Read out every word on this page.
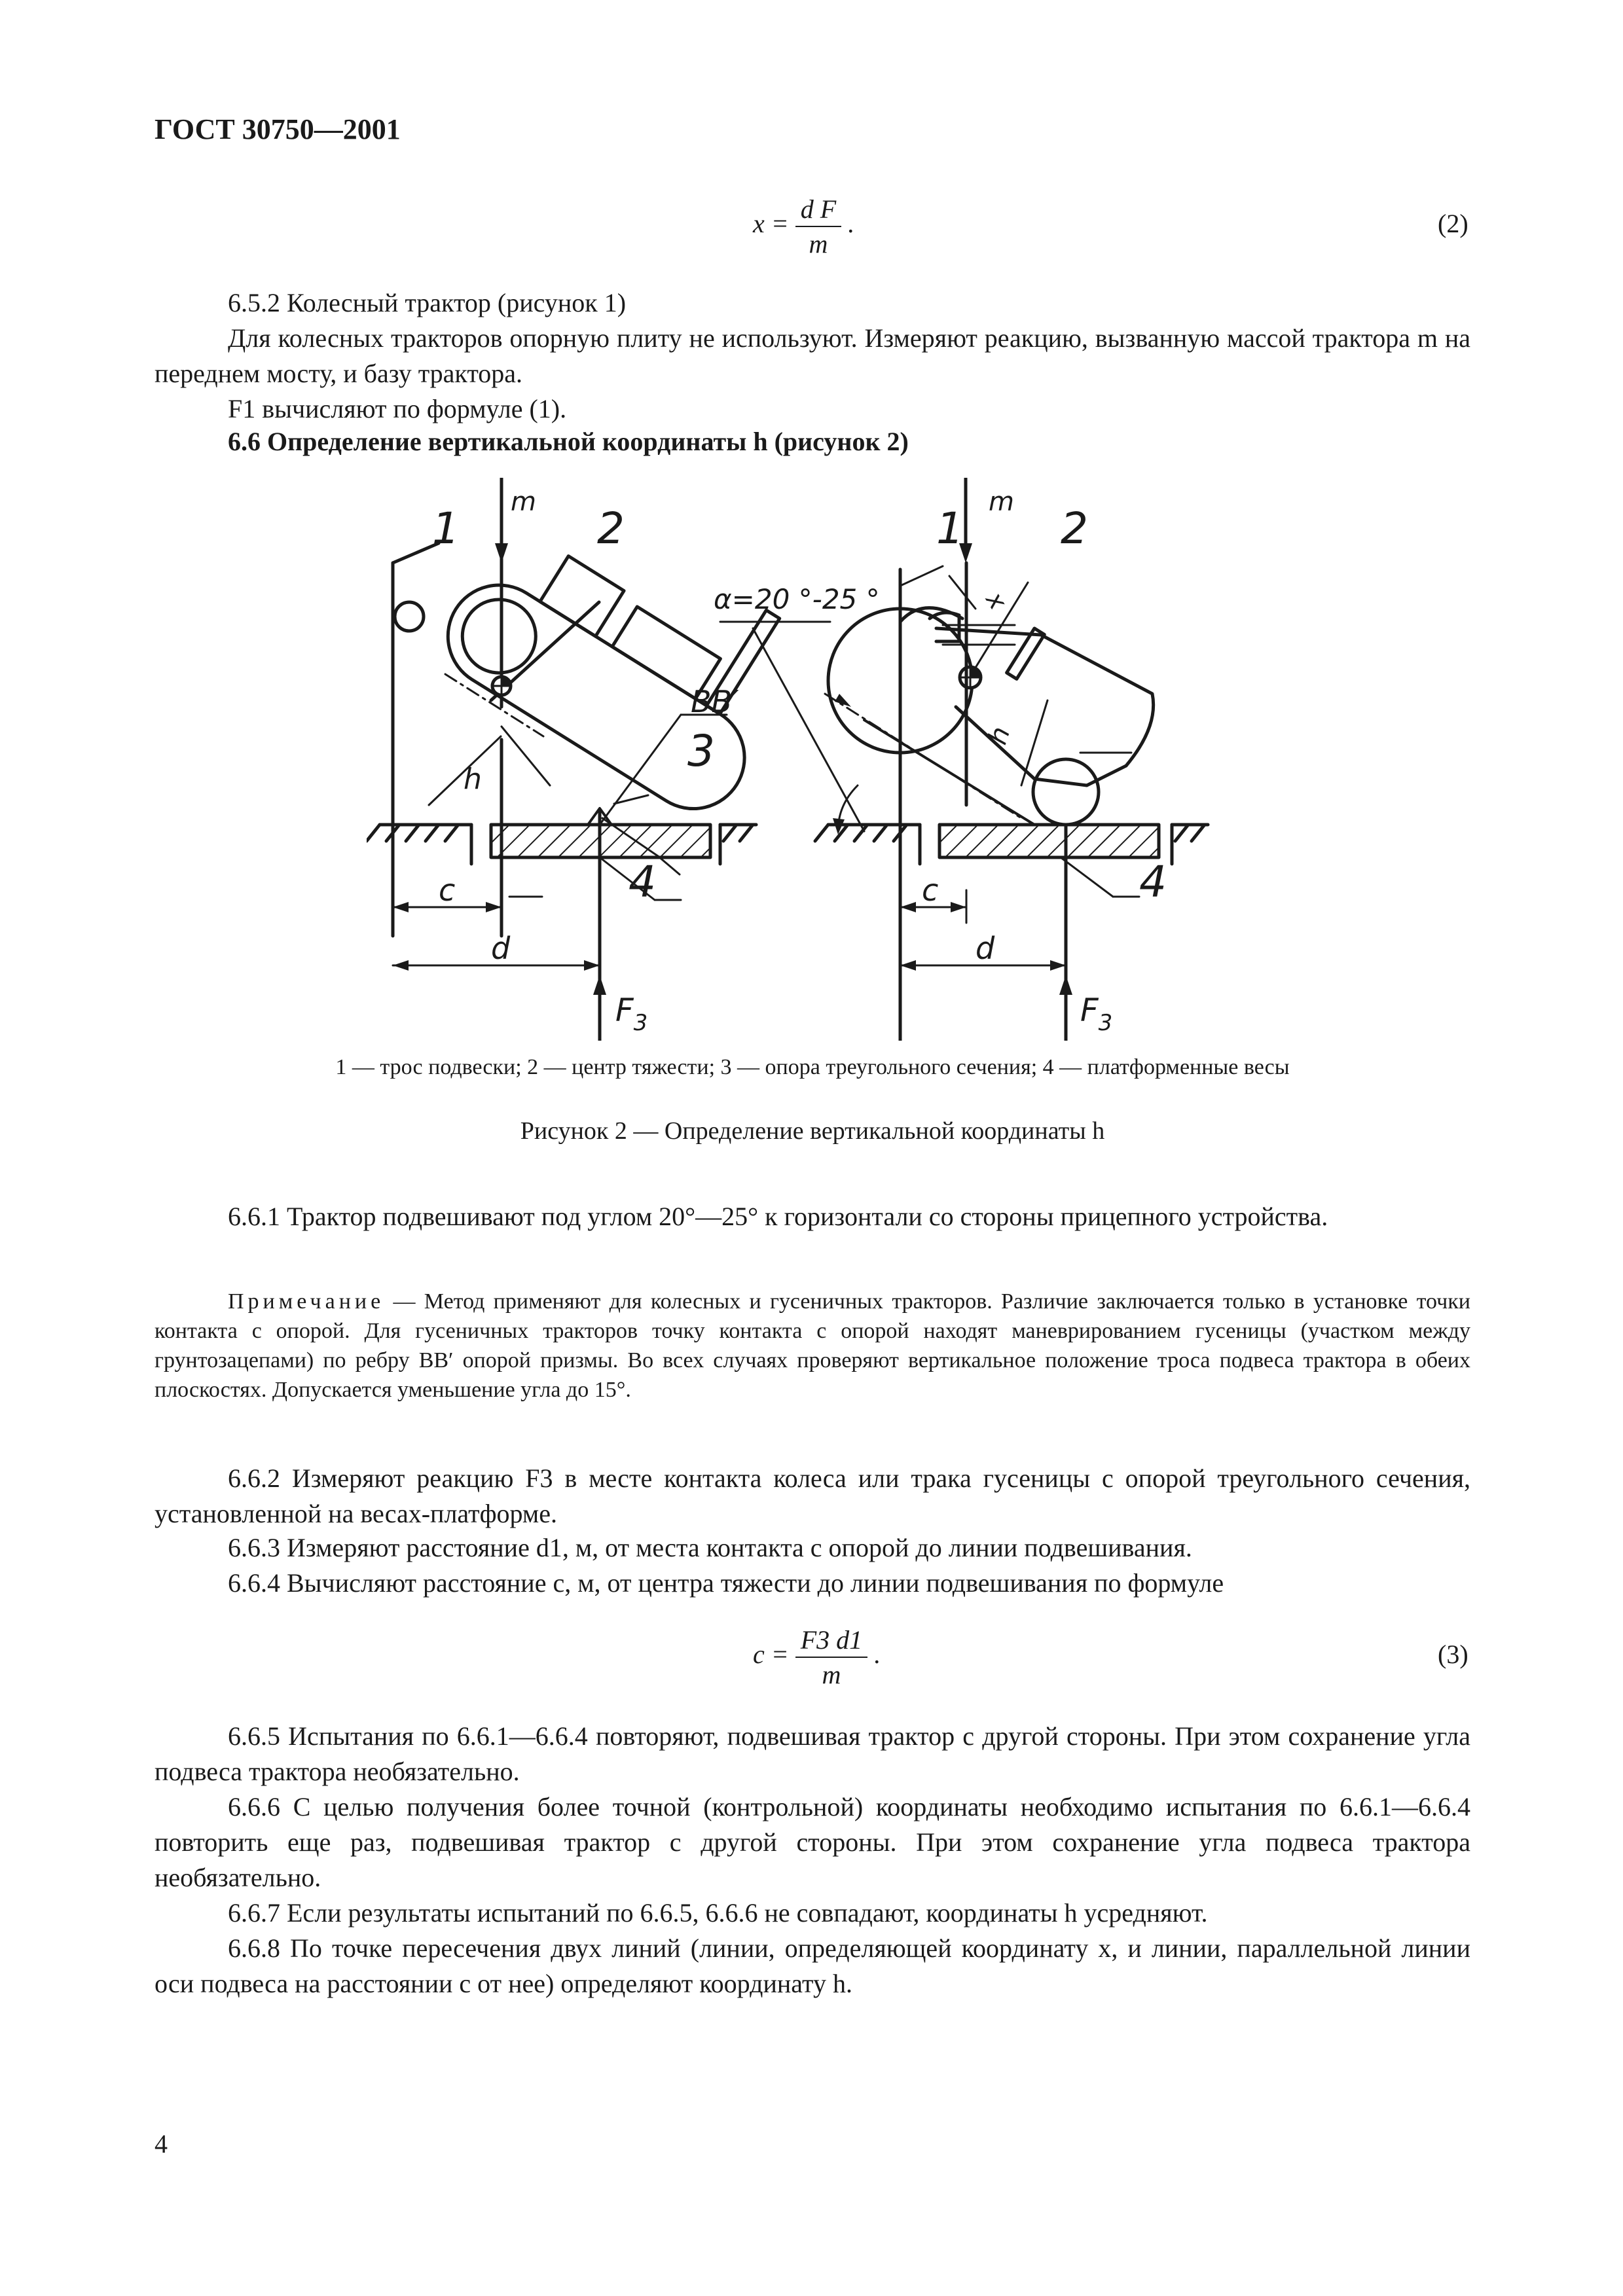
ГОСТ 30750—2001
$x = \frac{\text{d F}}{m}$ .	(2)
6.5.2 Колесный трактор (рисунок 1)
Для колесных тракторов опорную плиту не используют. Измеряют реакцию, вызванную массой трактора m на переднем мосту, и базу трактора.
F1 вычисляют по формуле (1).
6.6 Определение вертикальной координаты h (рисунок 2)
m
1	2
BB′
3
h
4
c
d
$F_3$
m
1 2
α=20 °-25 °	x
h
4
c
d
$F_3$
1 — трос подвески; 2 — центр тяжести; 3 — опора треугольного сечения; 4 — платформенные весы
Рисунок 2 — Определение вертикальной координаты h
6.6.1 Трактор подвешивают под углом 20°—25° к горизонтали со стороны прицепного устройства.
Примечание — Метод применяют для колесных и гусеничных тракторов. Различие заключается только в установке точки контакта с опорой. Для гусеничных тракторов точку контакта с опорой находят маневрированием гусеницы (участком между грунтозацепами) по ребру BB′ опорой призмы. Во всех случаях проверяют вертикальное положение троса подвеса трактора в обеих плоскостях. Допускается уменьшение угла до 15°.
6.6.2 Измеряют реакцию F3 в месте контакта колеса или трака гусеницы с опорой треугольного сечения, установленной на весах-платформе.
6.6.3 Измеряют расстояние d1, м, от места контакта с опорой до линии подвешивания.
6.6.4 Вычисляют расстояние c, м, от центра тяжести до линии подвешивания по формуле
$c = \frac{F3 d1}{m}$ .	(3)
6.6.5 Испытания по 6.6.1—6.6.4 повторяют, подвешивая трактор с другой стороны. При этом сохранение угла подвеса трактора необязательно.
6.6.6 С целью получения более точной (контрольной) координаты необходимо испытания по 6.6.1—6.6.4 повторить еще раз, подвешивая трактор с другой стороны. При этом сохранение угла подвеса трактора необязательно.
6.6.7 Если результаты испытаний по 6.6.5, 6.6.6 не совпадают, координаты h усредняют.
6.6.8 По точке пересечения двух линий (линии, определяющей координату x, и линии, параллельной линии оси подвеса на расстоянии c от нее) определяют координату h.
4
